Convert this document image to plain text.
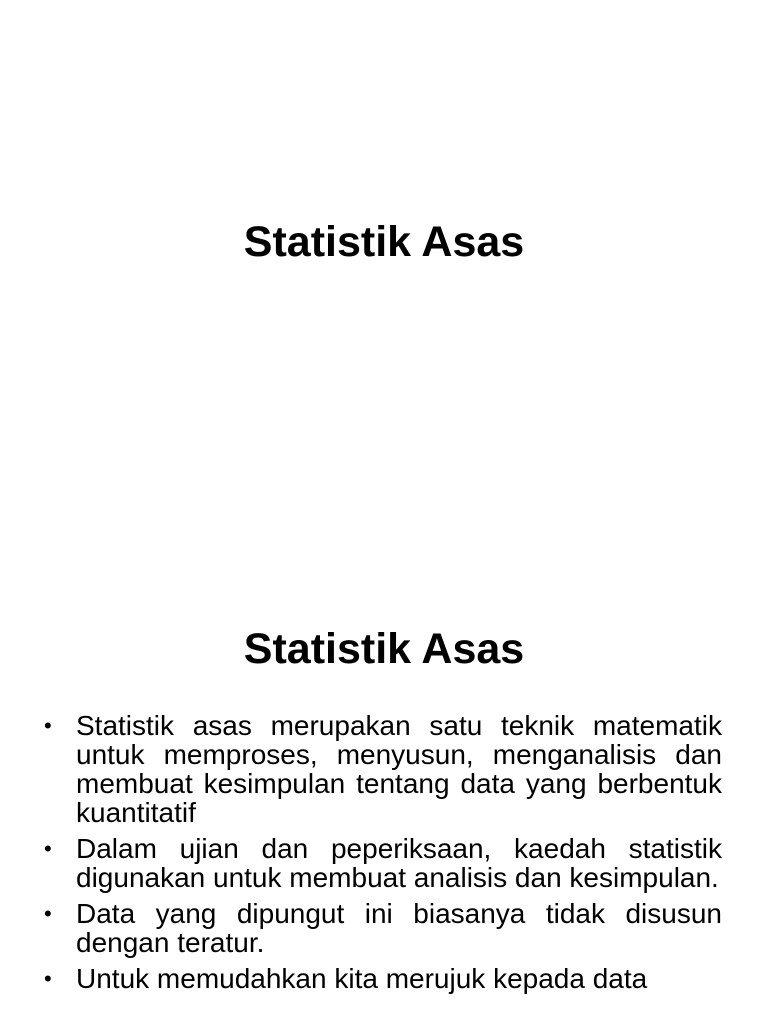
Statistik Asas
Statistik Asas
• Statistik asas merupakan satu teknik matematik untuk memproses, menyusun, menganalisis dan membuat kesimpulan tentang data yang berbentuk kuantitatif
• Dalam ujian dan peperiksaan, kaedah statistik digunakan untuk membuat analisis dan kesimpulan.
• Data yang dipungut ini biasanya tidak disusun dengan teratur.
• Untuk memudahkan kita merujuk kepada data
